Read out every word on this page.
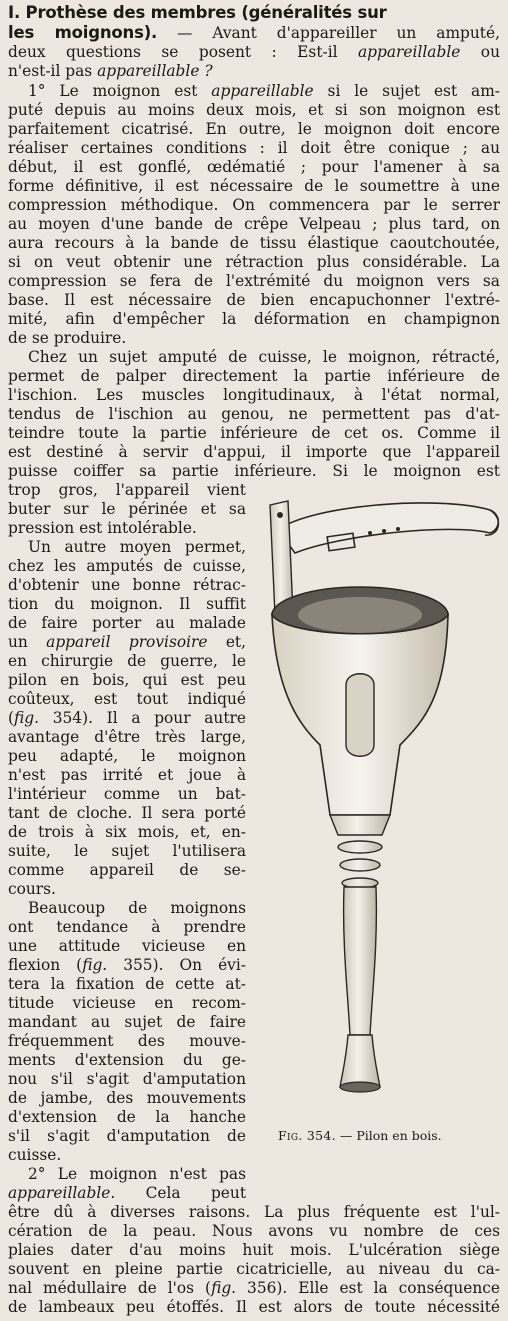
I. Prothèse des membres (généralités sur
les moignons). — Avant d'appareiller un amputé,
deux questions se posent : Est-il appareillable ou
n'est-il pas appareillable ?
1° Le moignon est appareillable si le sujet est am-
puté depuis au moins deux mois, et si son moignon est
parfaitement cicatrisé. En outre, le moignon doit encore
réaliser certaines conditions : il doit être conique ; au
début, il est gonflé, œdématié ; pour l'amener à sa
forme définitive, il est nécessaire de le soumettre à une
compression méthodique. On commencera par le serrer
au moyen d'une bande de crêpe Velpeau ; plus tard, on
aura recours à la bande de tissu élastique caoutchoutée,
si on veut obtenir une rétraction plus considérable. La
compression se fera de l'extrémité du moignon vers sa
base. Il est nécessaire de bien encapuchonner l'extré-
mité, afin d'empêcher la déformation en champignon
de se produire.
Chez un sujet amputé de cuisse, le moignon, rétracté,
permet de palper directement la partie inférieure de
l'ischion. Les muscles longitudinaux, à l'état normal,
tendus de l'ischion au genou, ne permettent pas d'at-
teindre toute la partie inférieure de cet os. Comme il
est destiné à servir d'appui, il importe que l'appareil
puisse coiffer sa partie inférieure. Si le moignon est
trop gros, l'appareil vient
buter sur le périnée et sa
pression est intolérable.
Un autre moyen permet,
chez les amputés de cuisse,
d'obtenir une bonne rétrac-
tion du moignon. Il suffit
de faire porter au malade
un appareil provisoire et,
en chirurgie de guerre, le
pilon en bois, qui est peu
coûteux, est tout indiqué
(fig. 354). Il a pour autre
avantage d'être très large,
peu adapté, le moignon
n'est pas irrité et joue à
l'intérieur comme un bat-
tant de cloche. Il sera porté
de trois à six mois, et, en-
suite, le sujet l'utilisera
comme appareil de se-
cours.
Beaucoup de moignons
ont tendance à prendre
une attitude vicieuse en
flexion (fig. 355). On évi-
tera la fixation de cette at-
titude vicieuse en recom-
mandant au sujet de faire
fréquemment des mouve-
ments d'extension du ge-
nou s'il s'agit d'amputation
de jambe, des mouvements
d'extension de la hanche
s'il s'agit d'amputation de
cuisse.
2° Le moignon n'est pas
appareillable. Cela peut
être dû à diverses raisons. La plus fréquente est l'ul-
cération de la peau. Nous avons vu nombre de ces
plaies dater d'au moins huit mois. L'ulcération siège
souvent en pleine partie cicatricielle, au niveau du ca-
nal médullaire de l'os (fig. 356). Elle est la conséquence
de lambeaux peu étoffés. Il est alors de toute nécessité
Fig. 354. — Pilon en bois.
